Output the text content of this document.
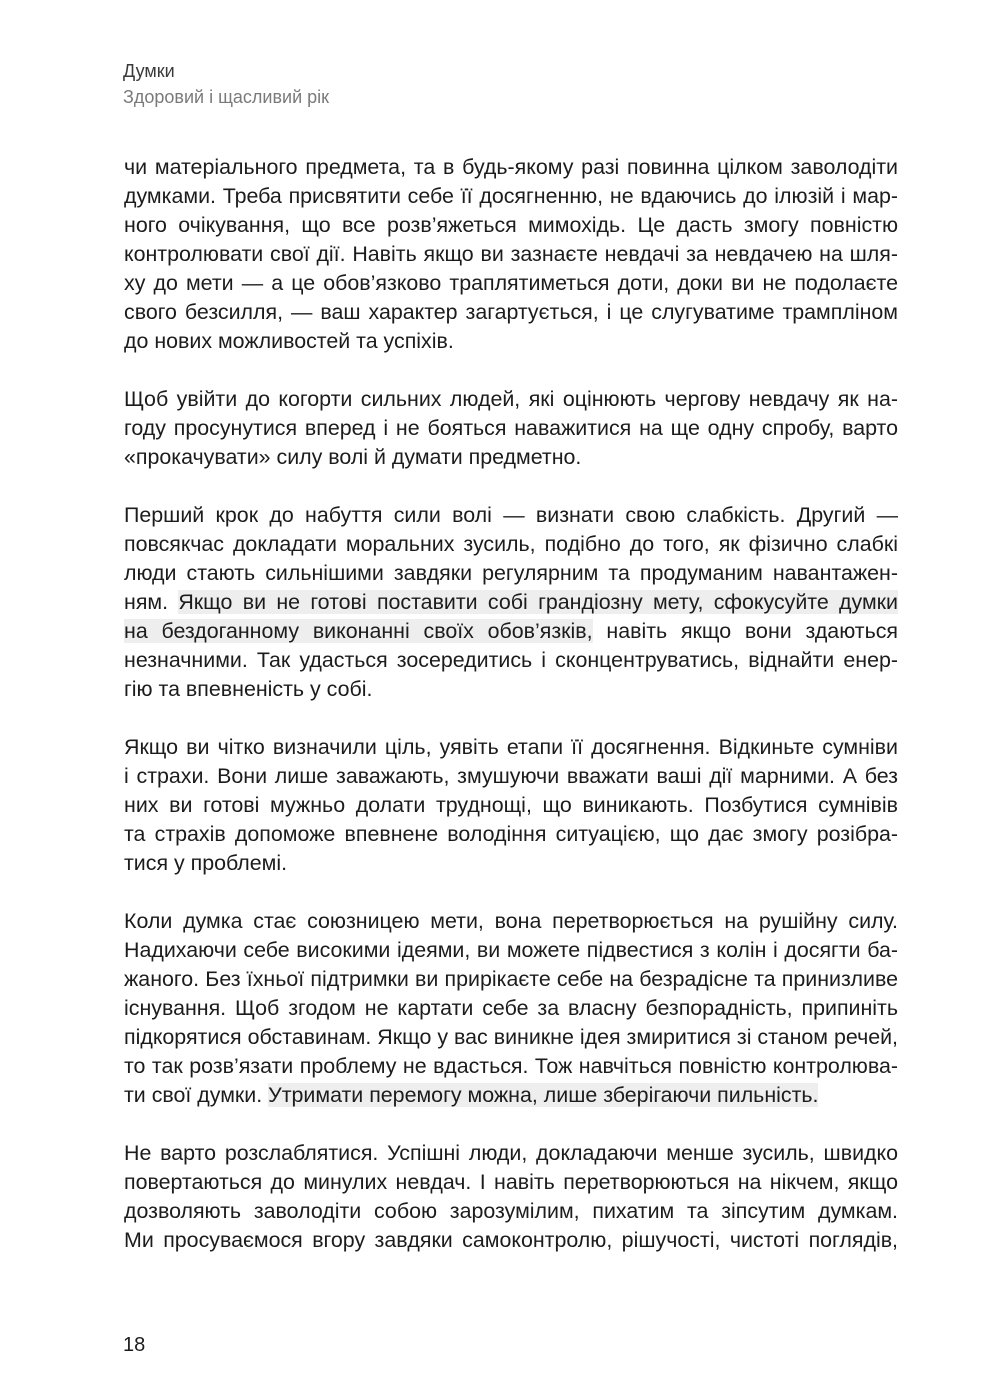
Думки
Здоровий і щасливий рік
чи матеріального предмета, та в будь-якому разі повинна цілком заволодіти
думками. Треба присвятити себе її досягненню, не вдаючись до ілюзій і мар-
ного очікування, що все розв’яжеться мимохідь. Це дасть змогу повністю
контролювати свої дії. Навіть якщо ви зазнаєте невдачі за невдачею на шля-
ху до мети — а це обов’язково траплятиметься доти, доки ви не подолаєте
свого безсилля, — ваш характер загартується, і це слугуватиме трампліном
до нових можливостей та успіхів.
Щоб увійти до когорти сильних людей, які оцінюють чергову невдачу як на-
году просунутися вперед і не бояться наважитися на ще одну спробу, варто
«прокачувати» силу волі й думати предметно.
Перший крок до набуття сили волі — визнати свою слабкість. Другий —
повсякчас докладати моральних зусиль, подібно до того, як фізично слабкі
люди стають сильнішими завдяки регулярним та продуманим навантажен-
ням. Якщо ви не готові поставити собі грандіозну мету, сфокусуйте думки
на бездоганному виконанні своїх обов’язків, навіть якщо вони здаються
незначними. Так удасться зосередитись і сконцентруватись, віднайти енер-
гію та впевненість у собі.
Якщо ви чітко визначили ціль, уявіть етапи її досягнення. Відкиньте сумніви
і страхи. Вони лише заважають, змушуючи вважати ваші дії марними. А без
них ви готові мужньо долати труднощі, що виникають. Позбутися сумнівів
та страхів допоможе впевнене володіння ситуацією, що дає змогу розібра-
тися у проблемі.
Коли думка стає союзницею мети, вона перетворюється на рушійну силу.
Надихаючи себе високими ідеями, ви можете підвестися з колін і досягти ба-
жаного. Без їхньої підтримки ви прирікаєте себе на безрадісне та принизливе
існування. Щоб згодом не картати себе за власну безпорадність, припиніть
підкорятися обставинам. Якщо у вас виникне ідея змиритися зі станом речей,
то так розв’язати проблему не вдасться. Тож навчіться повністю контролюва-
ти свої думки. Утримати перемогу можна, лише зберігаючи пильність.
Не варто розслаблятися. Успішні люди, докладаючи менше зусиль, швидко
повертаються до минулих невдач. І навіть перетворюються на нікчем, якщо
дозволяють заволодіти собою зарозумілим, пихатим та зіпсутим думкам.
Ми просуваємося вгору завдяки самоконтролю, рішучості, чистоті поглядів,
18
